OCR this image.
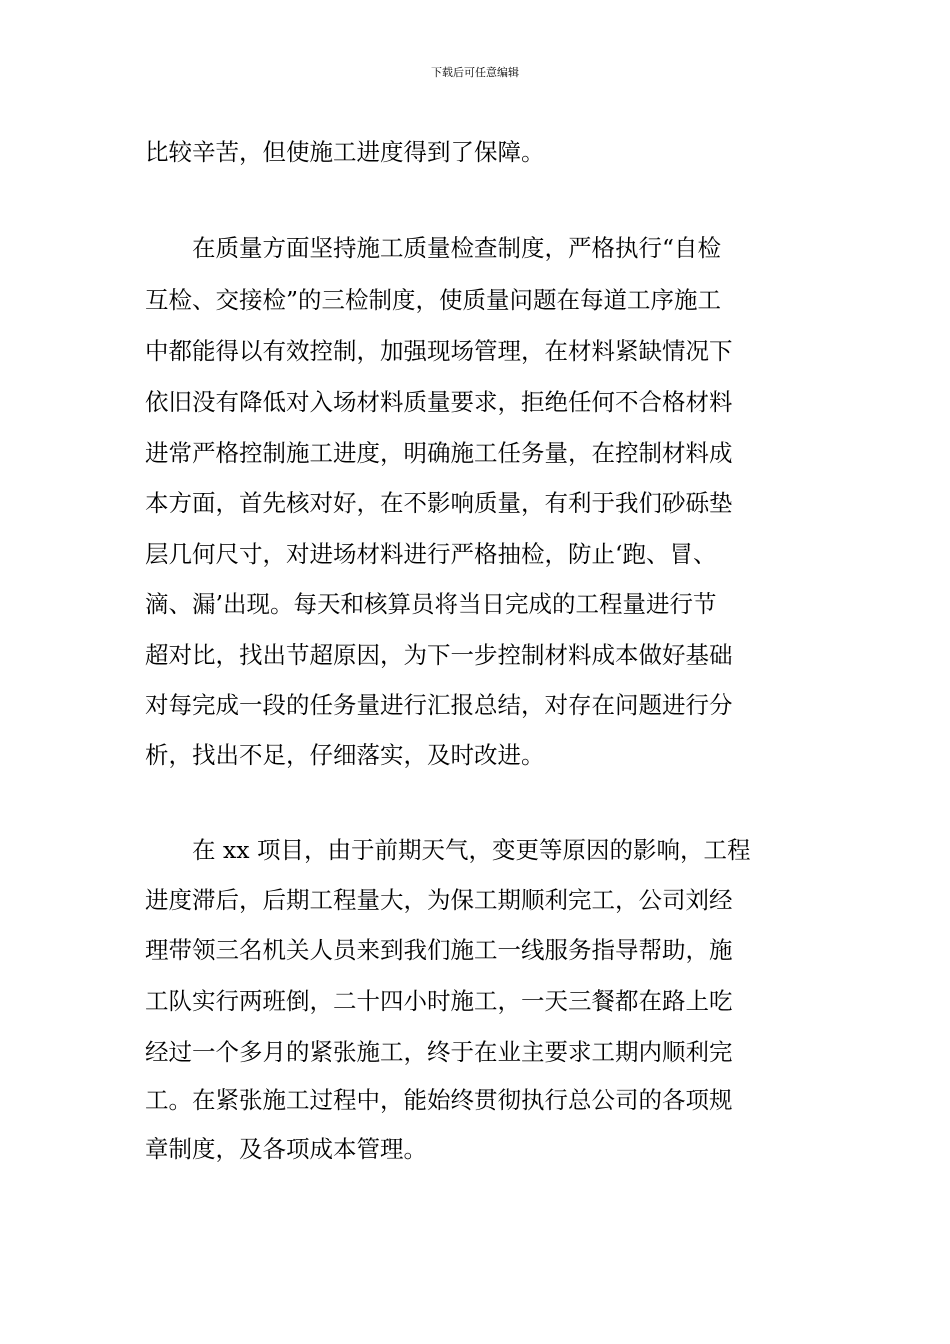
下载后可任意编辑
比较辛苦，但使施工进度得到了保障。
　　在质量方面坚持施工质量检查制度，严格执行“自检
互检、交接检”的三检制度，使质量问题在每道工序施工
中都能得以有效控制，加强现场管理，在材料紧缺情况下
依旧没有降低对入场材料质量要求，拒绝任何不合格材料
进常严格控制施工进度，明确施工任务量，在控制材料成
本方面，首先核对好，在不影响质量，有利于我们砂砾垫
层几何尺寸，对进场材料进行严格抽检，防止‘跑、冒、
滴、漏’出现。每天和核算员将当日完成的工程量进行节
超对比，找出节超原因，为下一步控制材料成本做好基础
对每完成一段的任务量进行汇报总结，对存在问题进行分
析，找出不足，仔细落实，及时改进。
　　在 xx 项目，由于前期天气，变更等原因的影响，工程
进度滞后，后期工程量大，为保工期顺利完工，公司刘经
理带领三名机关人员来到我们施工一线服务指导帮助，施
工队实行两班倒，二十四小时施工，一天三餐都在路上吃
经过一个多月的紧张施工，终于在业主要求工期内顺利完
工。在紧张施工过程中，能始终贯彻执行总公司的各项规
章制度，及各项成本管理。
